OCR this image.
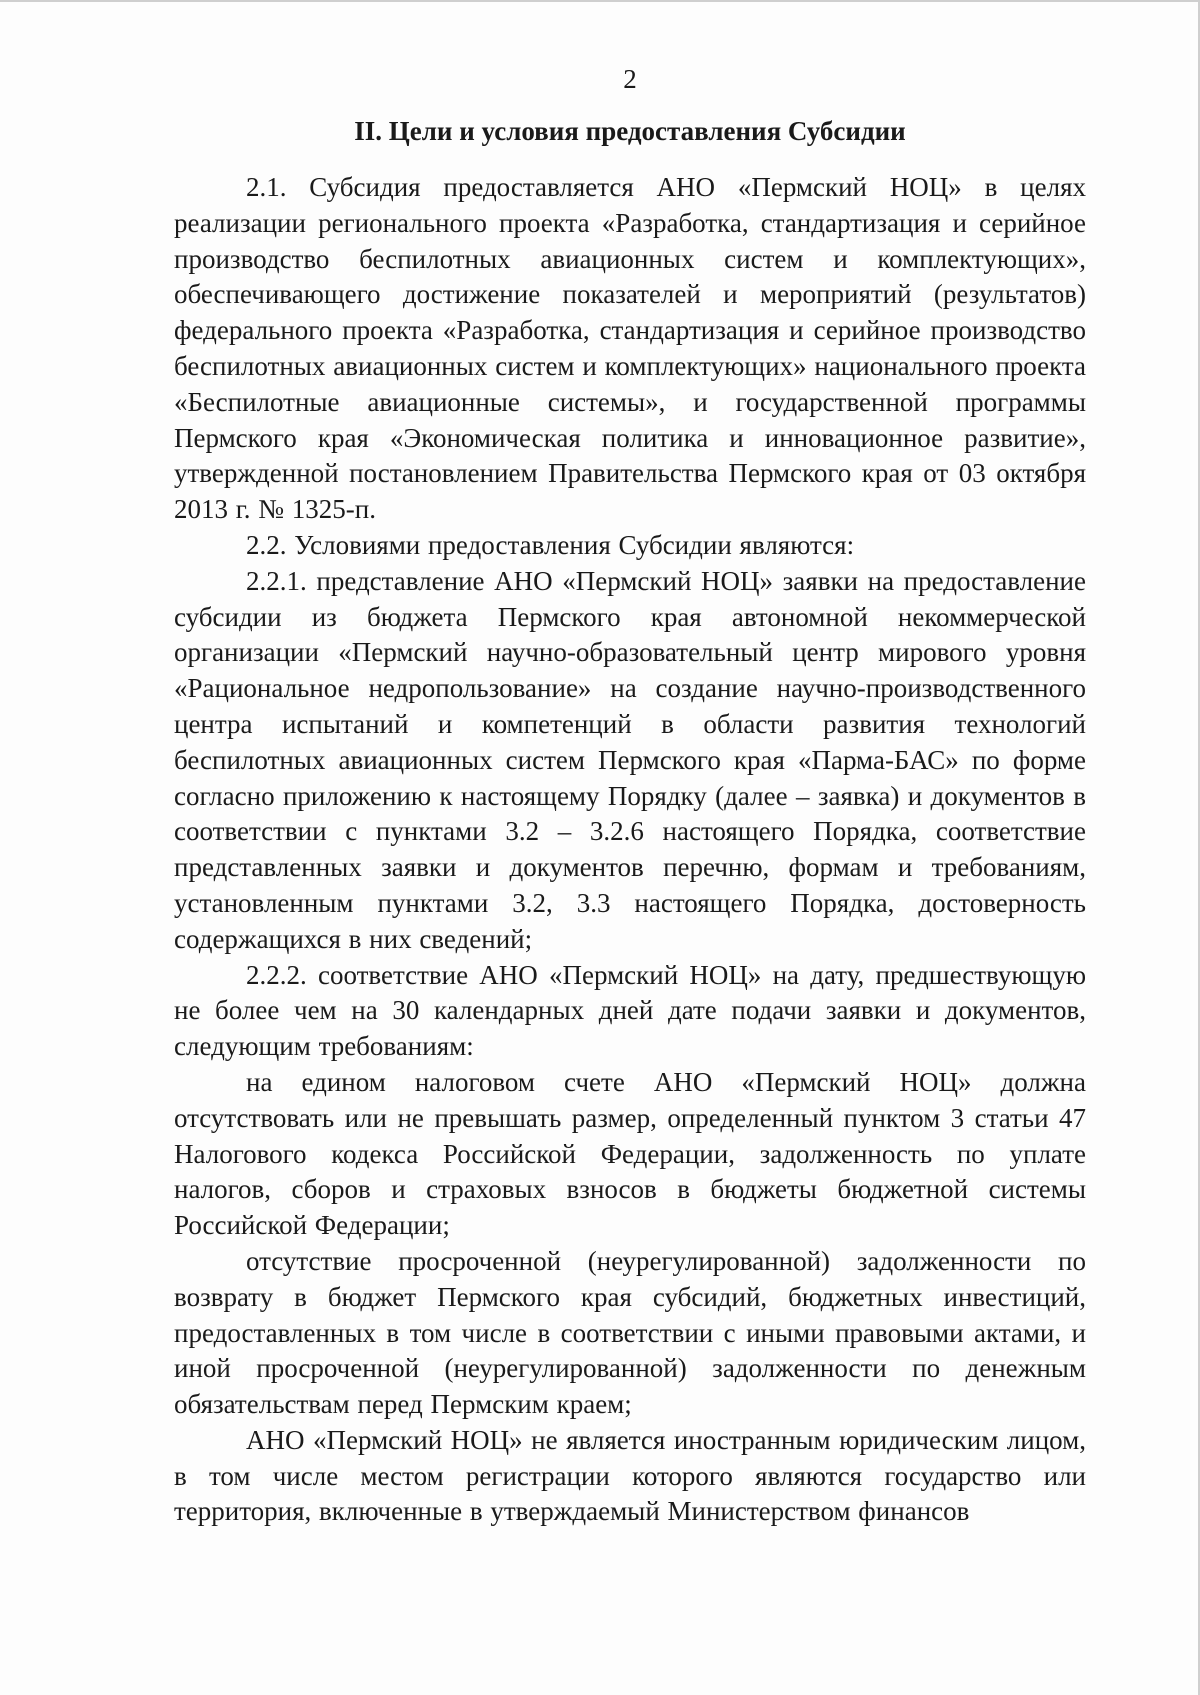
2
II. Цели и условия предоставления Субсидии

2.1. Субсидия предоставляется АНО «Пермский НОЦ» в целях реализации регионального проекта «Разработка, стандартизация и серийное производство беспилотных авиационных систем и комплектующих», обеспечивающего достижение показателей и мероприятий (результатов) федерального проекта «Разработка, стандартизация и серийное производство беспилотных авиационных систем и комплектующих» национального проекта «Беспилотные авиационные системы», и государственной программы Пермского края «Экономическая политика и инновационное развитие», утвержденной постановлением Правительства Пермского края от 03 октября 2013 г. № 1325-п.

2.2. Условиями предоставления Субсидии являются:

2.2.1. представление АНО «Пермский НОЦ» заявки на предоставление субсидии из бюджета Пермского края автономной некоммерческой организации «Пермский научно-образовательный центр мирового уровня «Рациональное недропользование» на создание научно-производственного центра испытаний и компетенций в области развития технологий беспилотных авиационных систем Пермского края «Парма-БАС» по форме согласно приложению к настоящему Порядку (далее – заявка) и документов в соответствии с пунктами 3.2 – 3.2.6 настоящего Порядка, соответствие представленных заявки и документов перечню, формам и требованиям, установленным пунктами 3.2, 3.3 настоящего Порядка, достоверность содержащихся в них сведений;

2.2.2. соответствие АНО «Пермский НОЦ» на дату, предшествующую не более чем на 30 календарных дней дате подачи заявки и документов, следующим требованиям:

на едином налоговом счете АНО «Пермский НОЦ» должна отсутствовать или не превышать размер, определенный пунктом 3 статьи 47 Налогового кодекса Российской Федерации, задолженность по уплате налогов, сборов и страховых взносов в бюджеты бюджетной системы Российской Федерации;

отсутствие просроченной (неурегулированной) задолженности по возврату в бюджет Пермского края субсидий, бюджетных инвестиций, предоставленных в том числе в соответствии с иными правовыми актами, и иной просроченной (неурегулированной) задолженности по денежным обязательствам перед Пермским краем;

АНО «Пермский НОЦ» не является иностранным юридическим лицом, в том числе местом регистрации которого являются государство или территория, включенные в утверждаемый Министерством финансов
